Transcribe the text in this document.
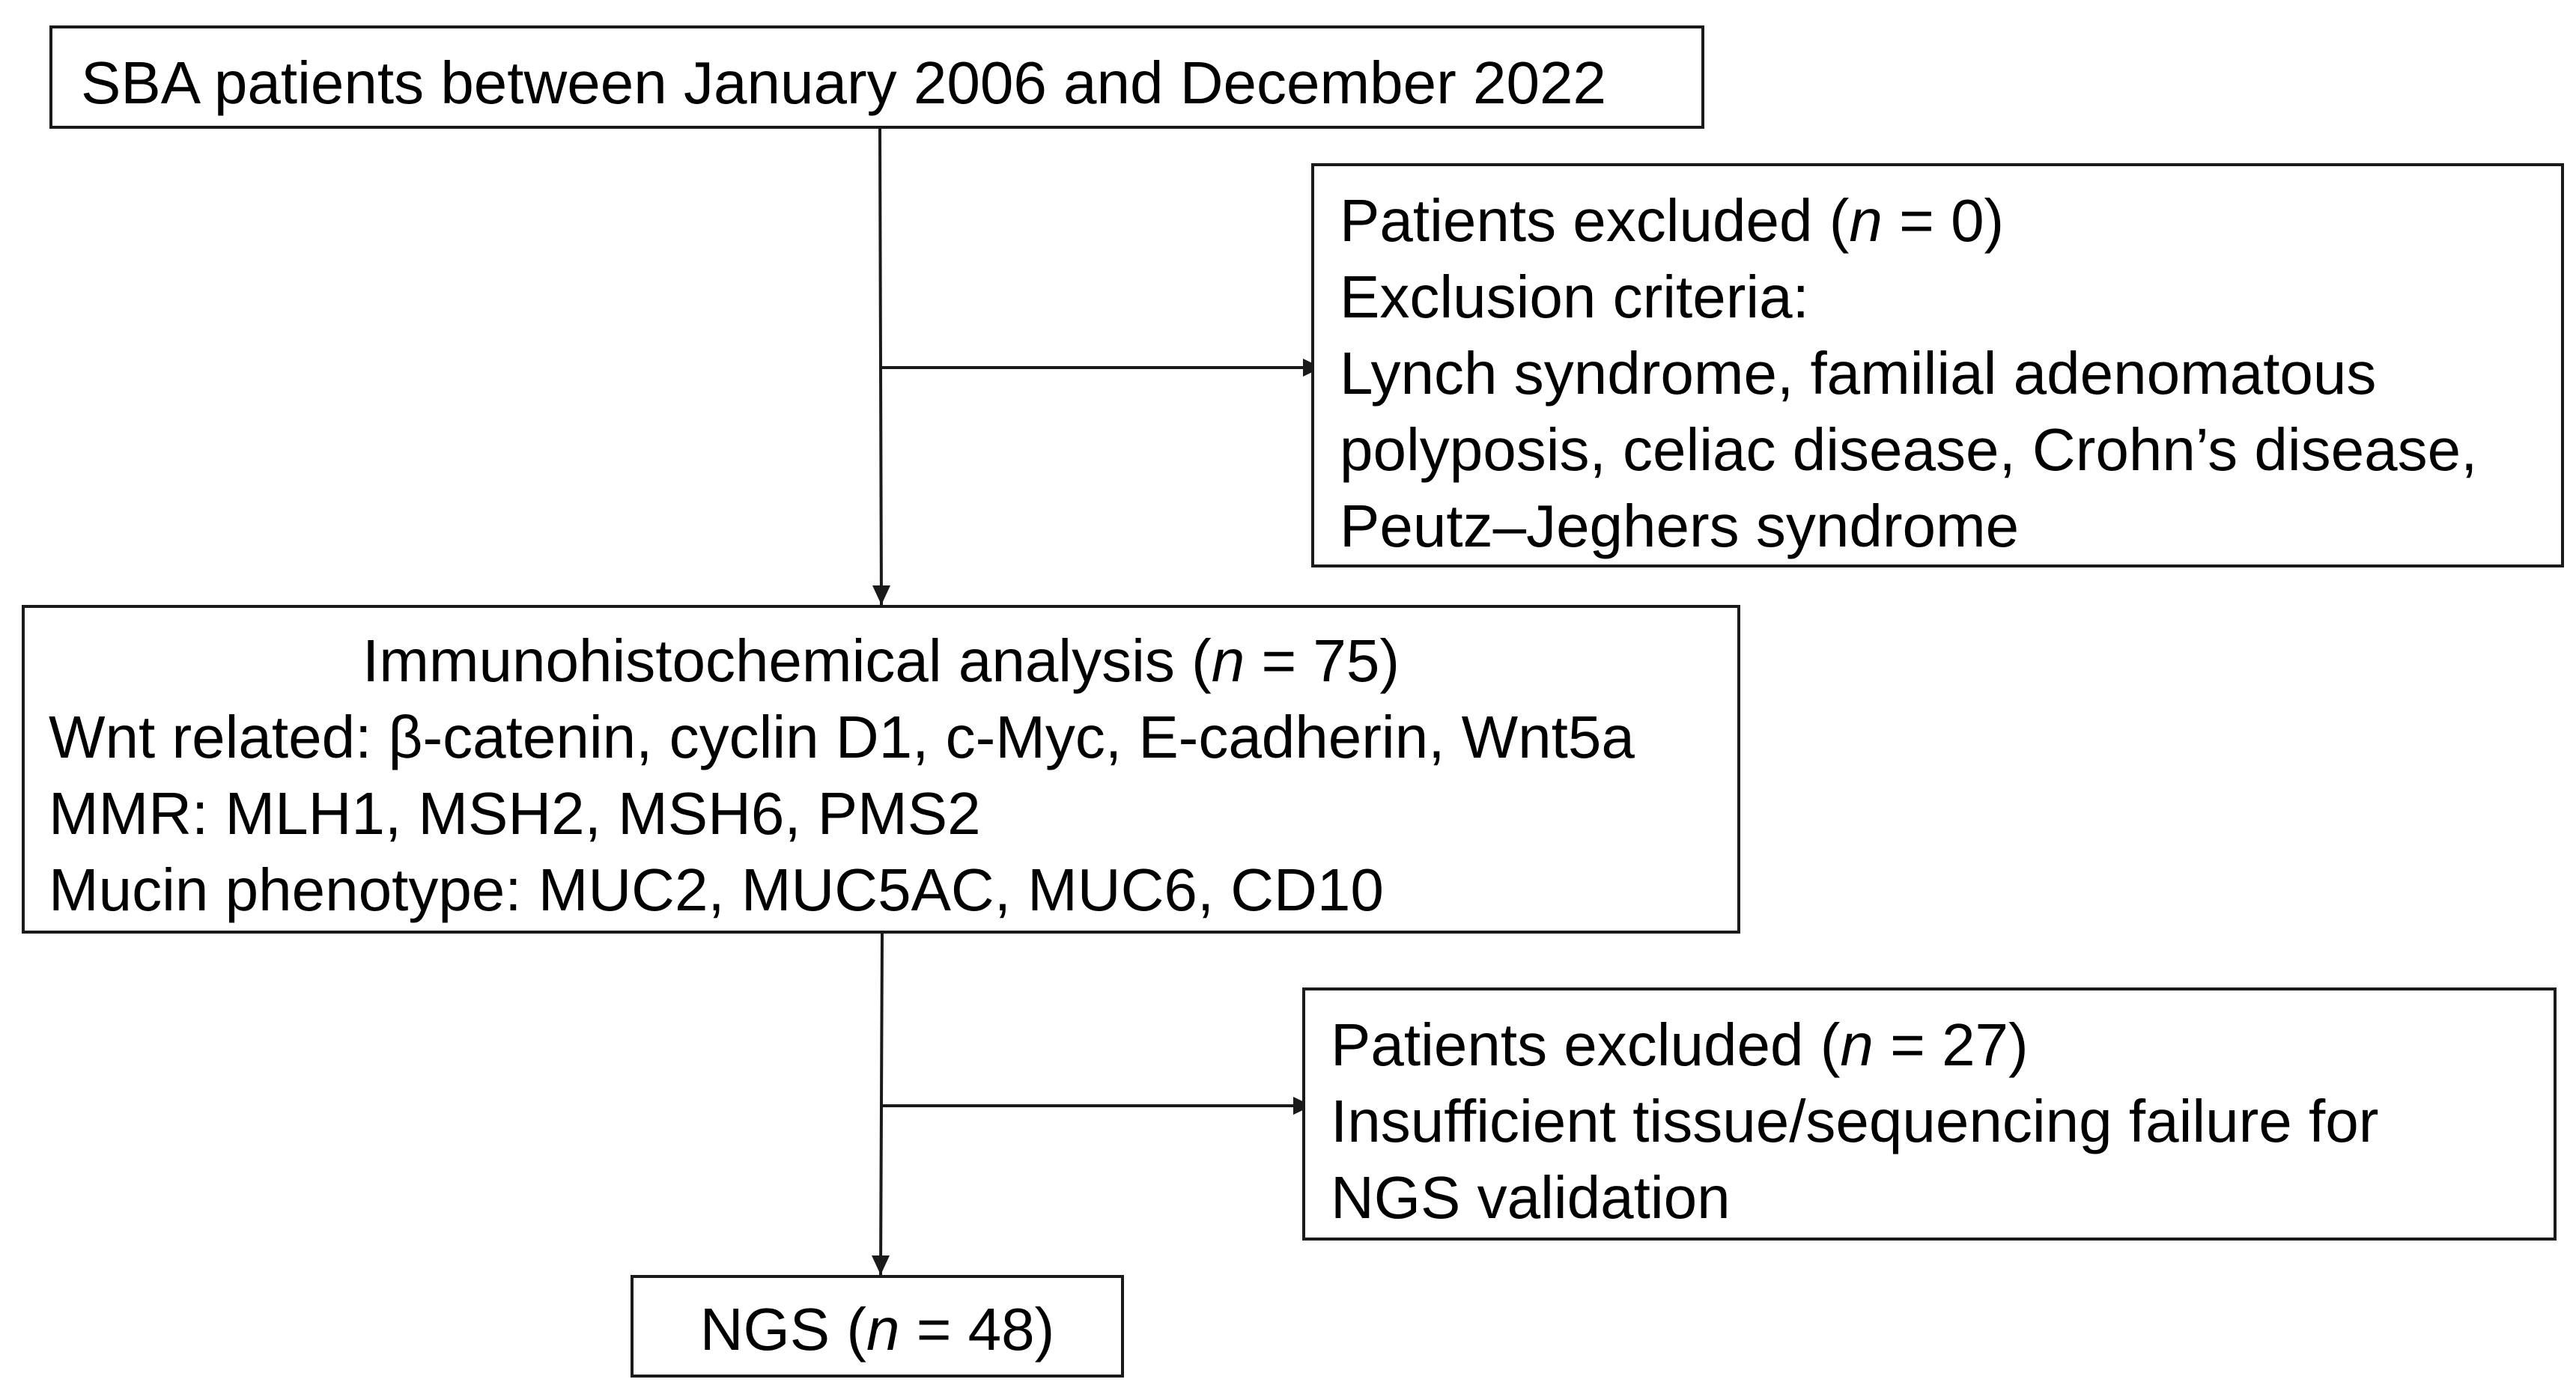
SBA patients between January 2006 and December 2022
Patients excluded (n = 0)
Exclusion criteria:
Lynch syndrome, familial adenomatous
polyposis, celiac disease, Crohn’s disease,
Peutz–Jeghers syndrome
Immunohistochemical analysis (n = 75)
Wnt related: β-catenin, cyclin D1, c-Myc, E-cadherin, Wnt5a
MMR: MLH1, MSH2, MSH6, PMS2
Mucin phenotype: MUC2, MUC5AC, MUC6, CD10
Patients excluded (n = 27)
Insufficient tissue/sequencing failure for
NGS validation
NGS (n = 48)
